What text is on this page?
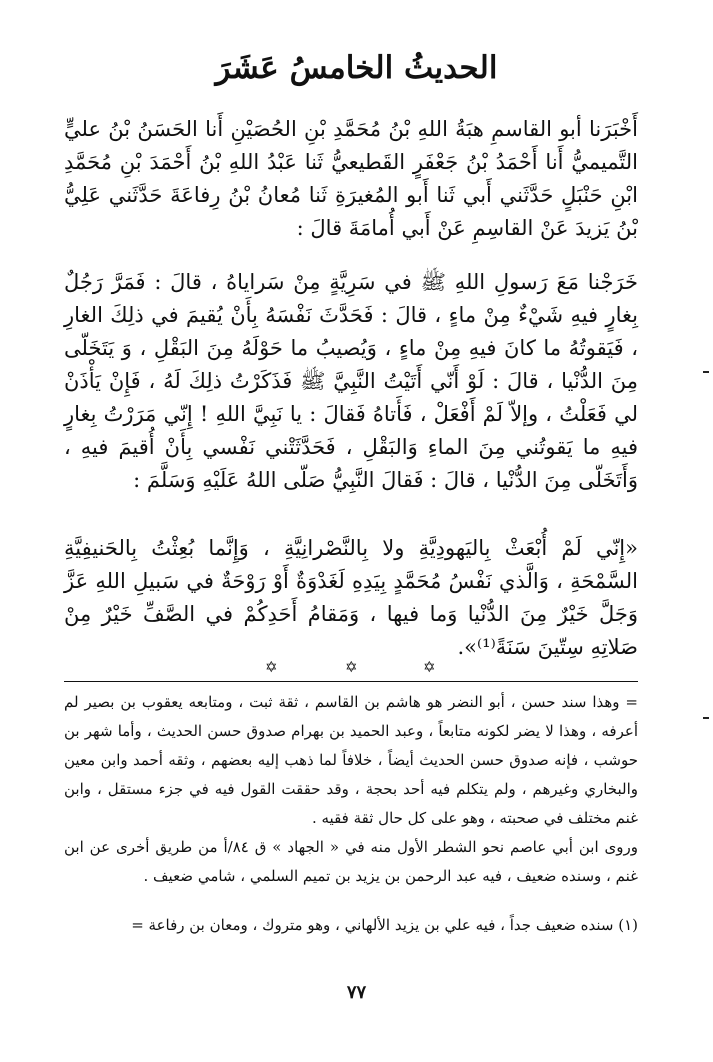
الحديثُ الخامسُ عَشَرَ
أَخْبَرَنا أبو القاسمِ هبَةُ اللهِ بْنُ مُحَمَّدِ بْنِ الحُصَيْنِ أَنا الحَسَنُ بْنُ عليٍّ التَّميميُّ أَنا أَحْمَدُ بْنُ جَعْفَرٍ القَطيعيُّ ثَنا عَبْدُ اللهِ بْنُ أَحْمَدَ بْنِ مُحَمَّدِ ابْنِ حَنْبَلٍ حَدَّثَني أَبي ثَنا أَبو المُغيرَةِ ثَنا مُعانُ بْنُ رِفاعَةَ حَدَّثَني عَلِيُّ بْنُ يَزيدَ عَنْ القاسِمِ عَنْ أَبي أُمامَةَ قالَ :
خَرَجْنا مَعَ رَسولِ اللهِ ﷺ في سَرِيَّةٍ مِنْ سَراياهُ ، قالَ : فَمَرَّ رَجُلٌ بِغارٍ فيهِ شَيْءٌ مِنْ ماءٍ ، قالَ : فَحَدَّثَ نَفْسَهُ بِأَنْ يُقيمَ في ذلِكَ الغارِ ، فَيَقوتُهُ ما كانَ فيهِ مِنْ ماءٍ ، وَيُصيبُ ما حَوْلَهُ مِنَ البَقْلِ ، وَ يَتَخَلّى مِنَ الدُّنْيا ، قالَ : لَوْ أَنّي أَتَيْتُ النَّبِيَّ ﷺ فَذَكَرْتُ ذلِكَ لَهُ ، فَإِنْ يَأْذَنْ لي فَعَلْتُ ، وإلاّ لَمْ أَفْعَلْ ، فَأَتاهُ فَقالَ : يا نَبِيَّ اللهِ ! إِنّي مَرَرْتُ بِغارٍ فيهِ ما يَقوتُني مِنَ الماءِ وَالبَقْلِ ، فَحَدَّثَتْني نَفْسي بِأَنْ أُقيمَ فيهِ ، وَأَتَخَلّى مِنَ الدُّنْيا ، قالَ : فَقالَ النَّبِيُّ صَلّى اللهُ عَلَيْهِ وَسَلَّمَ :
«إِنّي لَمْ أُبْعَثْ بِاليَهودِيَّةِ ولا بِالنَّصْرانِيَّةِ ، وَإِنَّما بُعِثْتُ بِالحَنيفِيَّةِ السَّمْحَةِ ، وَالَّذي نَفْسُ مُحَمَّدٍ بِيَدِهِ لَغَدْوَةٌ أَوْ رَوْحَةٌ في سَبيلِ اللهِ عَزَّ وَجَلَّ خَيْرٌ مِنَ الدُّنْيا وَما فيها ، وَمَقامُ أَحَدِكُمْ في الصَّفِّ خَيْرٌ مِنْ صَلاتِهِ سِتّينَ سَنَةً⁽¹⁾».
✡	✡	✡
= وهذا سند حسن ، أبو النضر هو هاشم بن القاسم ، ثقة ثبت ، ومتابعه يعقوب بن بصير لم أعرفه ، وهذا لا يضر لكونه متابعاً ، وعبد الحميد بن بهرام صدوق حسن الحديث ، وأما شهر بن حوشب ، فإنه صدوق حسن الحديث أيضاً ، خلافاً لما ذهب إليه بعضهم ، وثقه أحمد وابن معين والبخاري وغيرهم ، ولم يتكلم فيه أحد بحجة ، وقد حققت القول فيه في جزء مستقل ، وابن غنم مختلف في صحبته ، وهو على كل حال ثقة فقيه .
وروى ابن أبي عاصم نحو الشطر الأول منه في « الجهاد » ق ٨٤/أ من طريق أخرى عن ابن غنم ، وسنده ضعيف ، فيه عبد الرحمن بن يزيد بن تميم السلمي ، شامي ضعيف .
(١) سنده ضعيف جداً ، فيه علي بن يزيد الألهاني ، وهو متروك ، ومعان بن رفاعة =
٧٧
